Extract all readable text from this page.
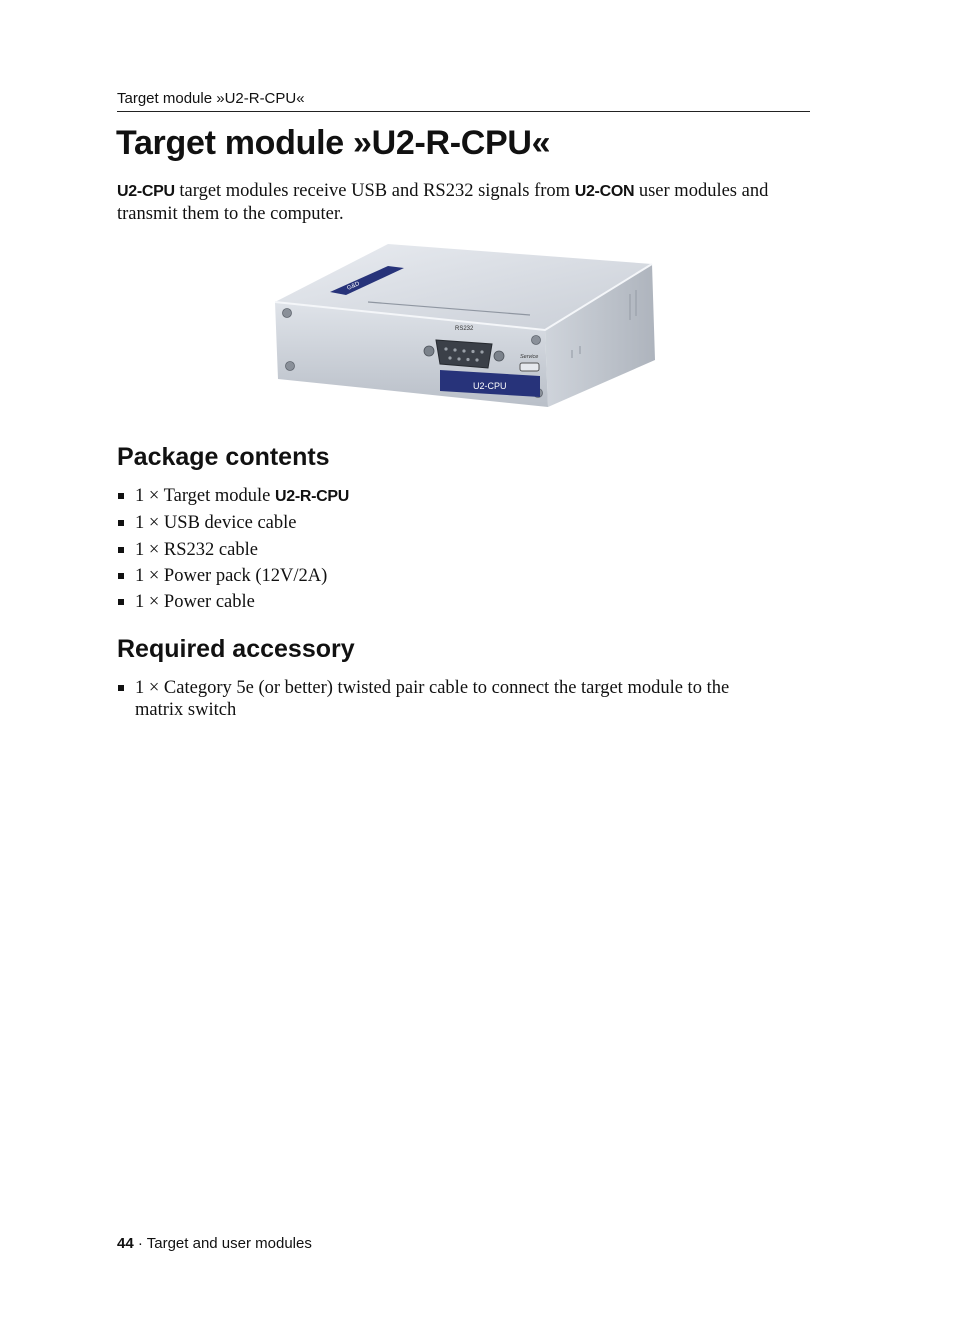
Target module »U2-R-CPU«
Target module »U2-R-CPU«

U2-CPU target modules receive USB and RS232 signals from U2-CON user modules and transmit them to the computer.

G&D
RS232
Service
U2-CPU
Package contents
1 × Target module U2-R-CPU
1 × USB device cable
1 × RS232 cable
1 × Power pack (12V/2A)
1 × Power cable
Required accessory
1 × Category 5e (or better) twisted pair cable to connect the target module to the matrix switch
44 · Target and user modules
